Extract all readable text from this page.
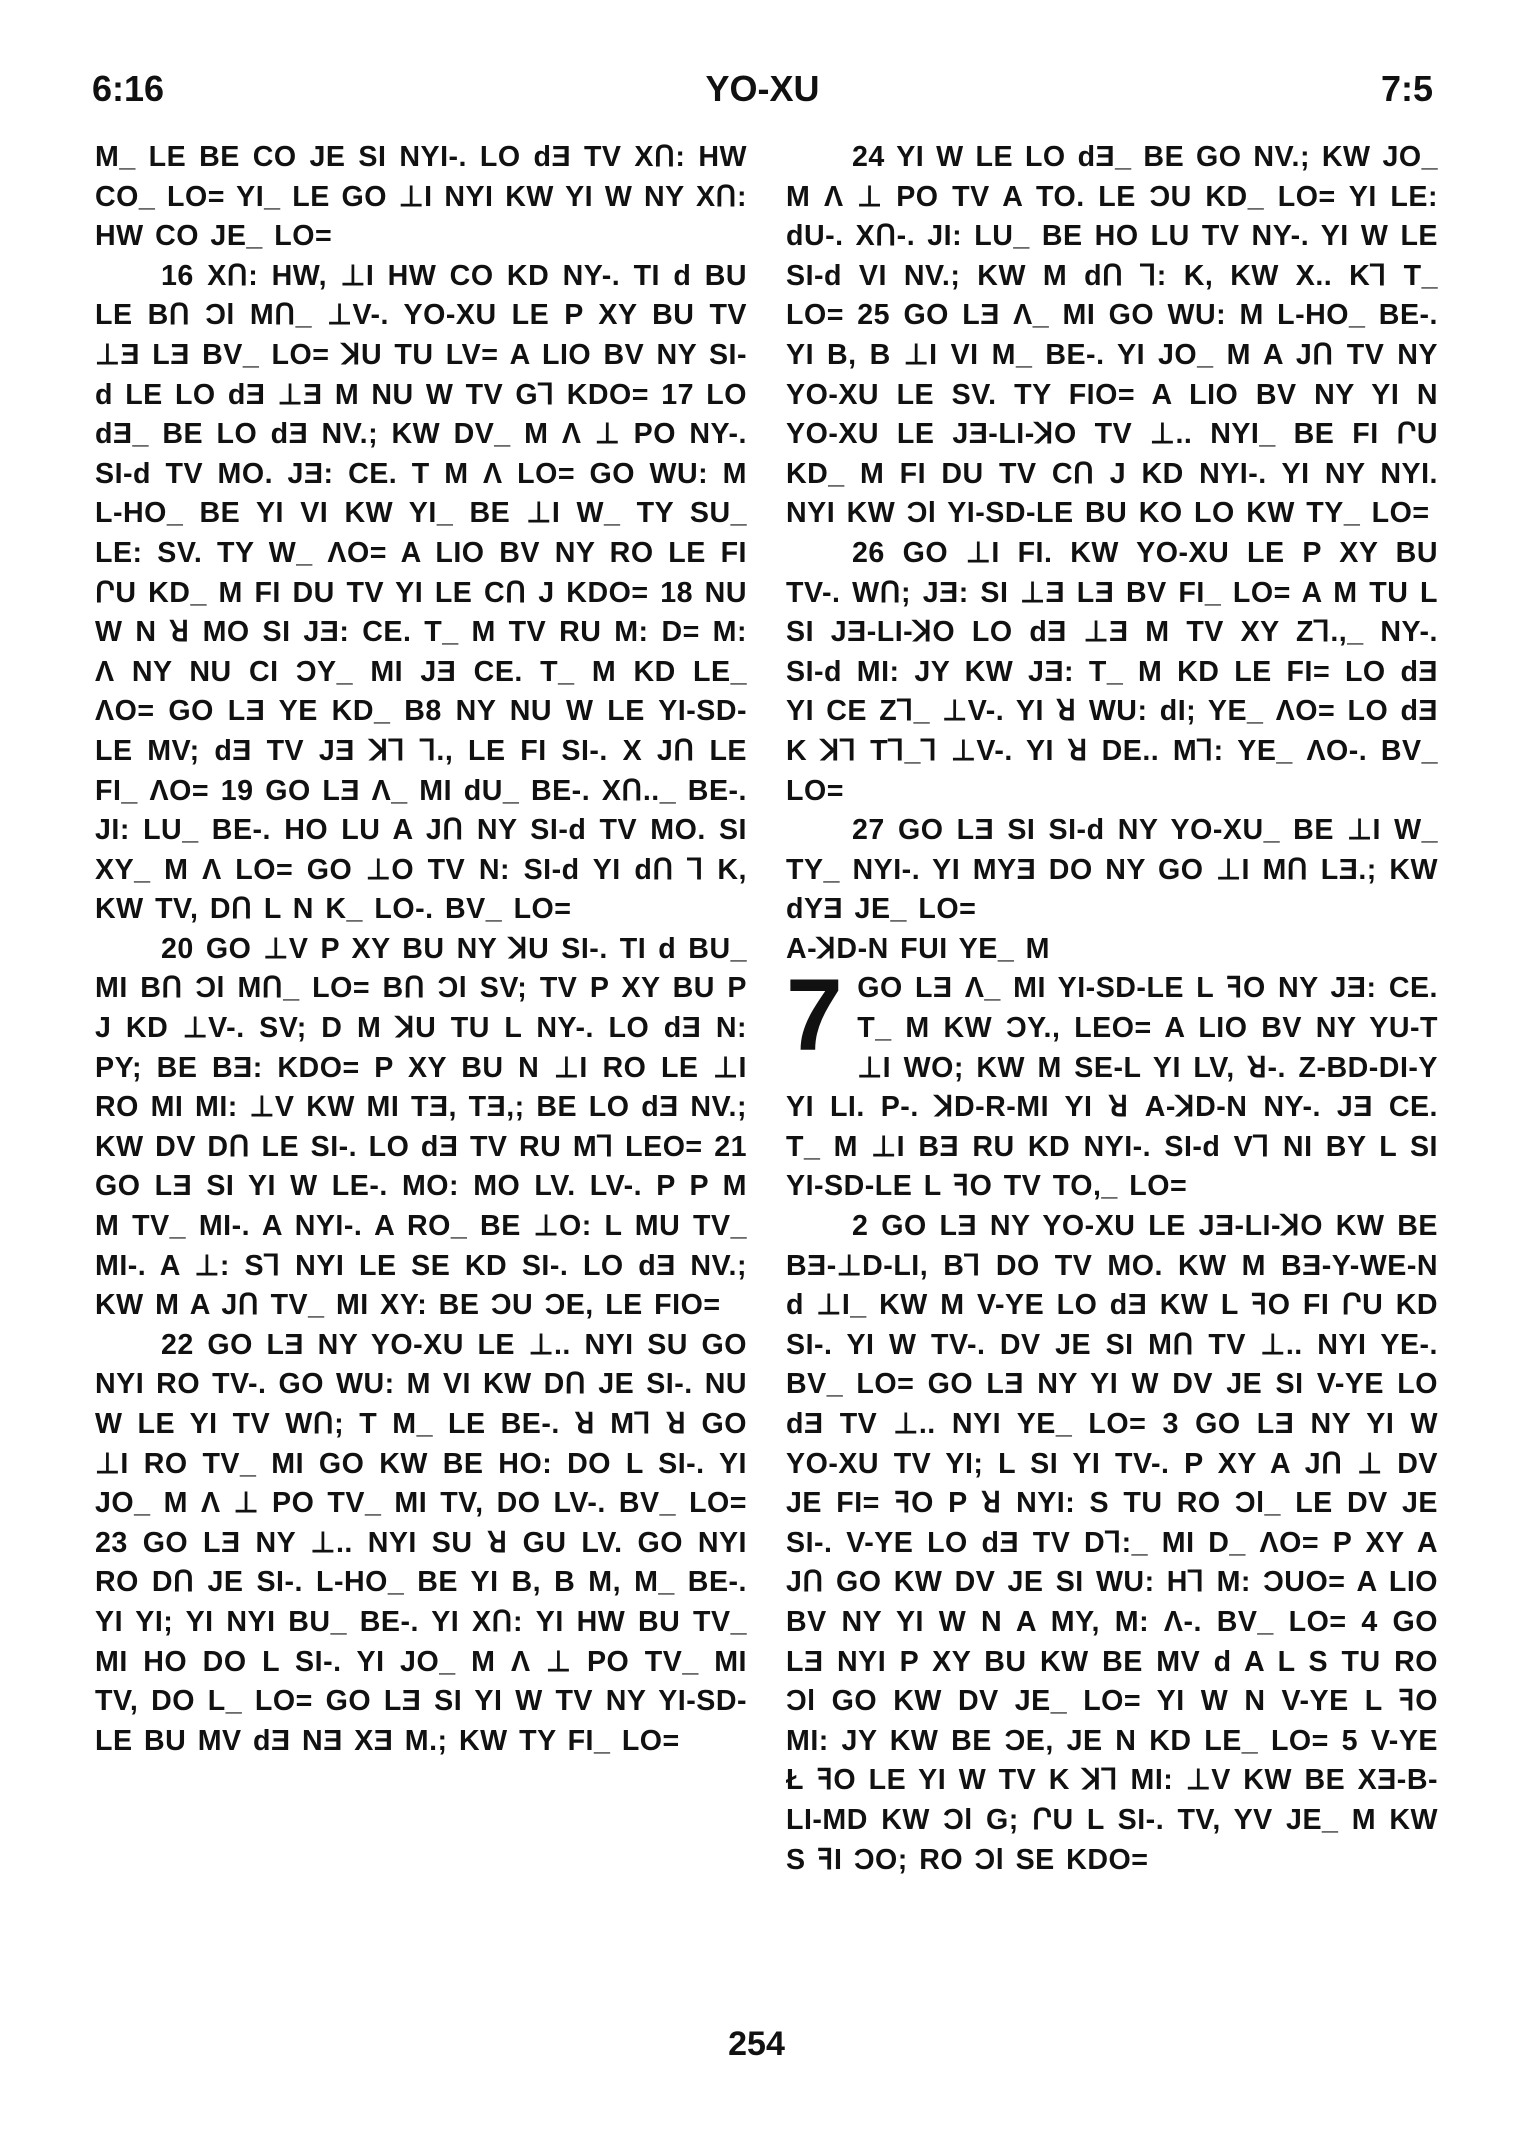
6:16	YO-XU	7:5

M_ LE BE CO JE SI NYI-. LO dƎ TV XՈ: HW CO_ LO= YI_ LE GO ⊥I NYI KW YI W NY XՈ: HW CO JE_ LO=

16 XՈ: HW, ⊥I HW CO KD NY-. TI d BU LE BՈ Ɔl MՈ_ ⊥V-. YO-XU LE P XY BU TV ⊥Ǝ LƎ BV_ LO= ꓘU TU LV= A LIO BV NY SI-d LE LO dƎ ⊥Ǝ M NU W TV Gꓶ KDO= 17 LO dƎ_ BE LO dƎ NV.; KW DV_ M Λ ⊥ PO NY-. SI-d TV MO. JƎ: CE. T M Λ LO= GO WU: M L-HO_ BE YI VI KW YI_ BE ⊥I W_ TY SU_ LE: SV. TY W_ ΛO= A LIO BV NY RO LE FI ՐU KD_ M FI DU TV YI LE CՈ J KDO= 18 NU W N ꓤ MO SI JƎ: CE. T_ M TV RU M: D= M: Λ NY NU CI ƆY_ MI JƎ CE. T_ M KD LE_ ΛO= GO LƎ YE KD_ B8 NY NU W LE YI-SD-LE MV; dƎ TV JƎ ꓘꓶ ꓶ., LE FI SI-. X JՈ LE FI_ ΛO= 19 GO LƎ Λ_ MI dU_ BE-. XՈ.._ BE-. JI: LU_ BE-. HO LU A JՈ NY SI-d TV MO. SI XY_ M Λ LO= GO ⊥O TV N: SI-d YI dՈ ꓶ K, KW TV, DՈ L N K_ LO-. BV_ LO=

20 GO ⊥V P XY BU NY ꓘU SI-. TI d BU_ MI BՈ Ɔl MՈ_ LO= BՈ Ɔl SV; TV P XY BU P J KD ⊥V-. SV; D M ꓘU TU L NY-. LO dƎ N: PY; BE BƎ: KDO= P XY BU N ⊥I RO LE ⊥I RO MI MI: ⊥V KW MI TƎ, TƎ,; BE LO dƎ NV.; KW DV DՈ LE SI-. LO dƎ TV RU Mꓶ LEO= 21 GO LƎ SI YI W LE-. MO: MO LV. LV-. P P M M TV_ MI-. A NYI-. A RO_ BE ⊥O: L MU TV_ MI-. A ⊥: Sꓶ NYI LE SE KD SI-. LO dƎ NV.; KW M A JՈ TV_ MI XY: BE ƆU ƆE, LE FIO=

22 GO LƎ NY YO-XU LE ⊥.. NYI SU GO NYI RO TV-. GO WU: M VI KW DՈ JE SI-. NU W LE YI TV WՈ; T M_ LE BE-. ꓤ Mꓶ ꓤ GO ⊥I RO TV_ MI GO KW BE HO: DO L SI-. YI JO_ M Λ ⊥ PO TV_ MI TV, DO LV-. BV_ LO= 23 GO LƎ NY ⊥.. NYI SU ꓤ GU LV. GO NYI RO DՈ JE SI-. L-HO_ BE YI B, B M, M_ BE-. YI YI; YI NYI BU_ BE-. YI XՈ: YI HW BU TV_ MI HO DO L SI-. YI JO_ M Λ ⊥ PO TV_ MI TV, DO L_ LO= GO LƎ SI YI W TV NY YI-SD-LE BU MV dƎ NƎ XƎ M.; KW TY FI_ LO=

24 YI W LE LO dƎ_ BE GO NV.; KW JO_ M Λ ⊥ PO TV A TO. LE ƆU KD_ LO= YI LE: dU-. XՈ-. JI: LU_ BE HO LU TV NY-. YI W LE SI-d VI NV.; KW M dՈ ꓶ: K, KW X.. Kꓶ T_ LO= 25 GO LƎ Λ_ MI GO WU: M L-HO_ BE-. YI B, B ⊥I VI M_ BE-. YI JO_ M A JՈ TV NY YO-XU LE SV. TY FIO= A LIO BV NY YI N YO-XU LE JƎ-LI-ꓘO TV ⊥.. NYI_ BE FI ՐU KD_ M FI DU TV CՈ J KD NYI-. YI NY NYI. NYI KW Ɔl YI-SD-LE BU KO LO KW TY_ LO=

26 GO ⊥I FI. KW YO-XU LE P XY BU TV-. WՈ; JƎ: SI ⊥Ǝ LƎ BV FI_ LO= A M TU L SI JƎ-LI-ꓘO LO dƎ ⊥Ǝ M TV XY Zꓶ.,_ NY-. SI-d MI: JY KW JƎ: T_ M KD LE FI= LO dƎ YI CE Zꓶ_ ⊥V-. YI ꓤ WU: dI; YE_ ΛO= LO dƎ K ꓘꓶ Tꓶ_ꓶ ⊥V-. YI ꓤ DE.. Mꓶ: YE_ ΛO-. BV_ LO=

27 GO LƎ SI SI-d NY YO-XU_ BE ⊥I W_ TY_ NYI-. YI MYƎ DO NY GO ⊥I MՈ LƎ.; KW dYƎ JE_ LO=

A-ꓘD-N FUI YE_ M

7 GO LƎ Λ_ MI YI-SD-LE L ꟻO NY JƎ: CE. T_ M KW ƆY., LEO= A LIO BV NY YU-T ⊥I WO; KW M SE-L YI LV, ꓤ-. Z-BD-DI-Y YI LI. P-. ꓘD-R-MI YI ꓤ A-ꓘD-N NY-. JƎ CE. T_ M ⊥I BƎ RU KD NYI-. SI-d Vꓶ NI BY L SI YI-SD-LE L ꟻO TV TO,_ LO=

2 GO LƎ NY YO-XU LE JƎ-LI-ꓘO KW BE BƎ-⊥D-LI, Bꓶ DO TV MO. KW M BƎ-Y-WE-N d ⊥I_ KW M V-YE LO dƎ KW L ꟻO FI ՐU KD SI-. YI W TV-. DV JE SI MՈ TV ⊥.. NYI YE-. BV_ LO= GO LƎ NY YI W DV JE SI V-YE LO dƎ TV ⊥.. NYI YE_ LO= 3 GO LƎ NY YI W YO-XU TV YI; L SI YI TV-. P XY A JՈ ⊥ DV JE FI= ꟻO P ꓤ NYI: S TU RO Ɔl_ LE DV JE SI-. V-YE LO dƎ TV Dꓶ:_ MI D_ ΛO= P XY A JՈ GO KW DV JE SI WU: Hꓶ M: ƆUO= A LIO BV NY YI W N A MY, M: Λ-. BV_ LO= 4 GO LƎ NYI P XY BU KW BE MV d A L S TU RO Ɔl GO KW DV JE_ LO= YI W N V-YE L ꟻO MI: JY KW BE ƆE, JE N KD LE_ LO= 5 V-YE Ł ꟻO LE YI W TV K ꓘꓶ MI: ⊥V KW BE XƎ-B-LI-MD KW Ɔl G; ՐU L SI-. TV, YV JE_ M KW S ꟻI ƆO; RO Ɔl SE KDO=

254
